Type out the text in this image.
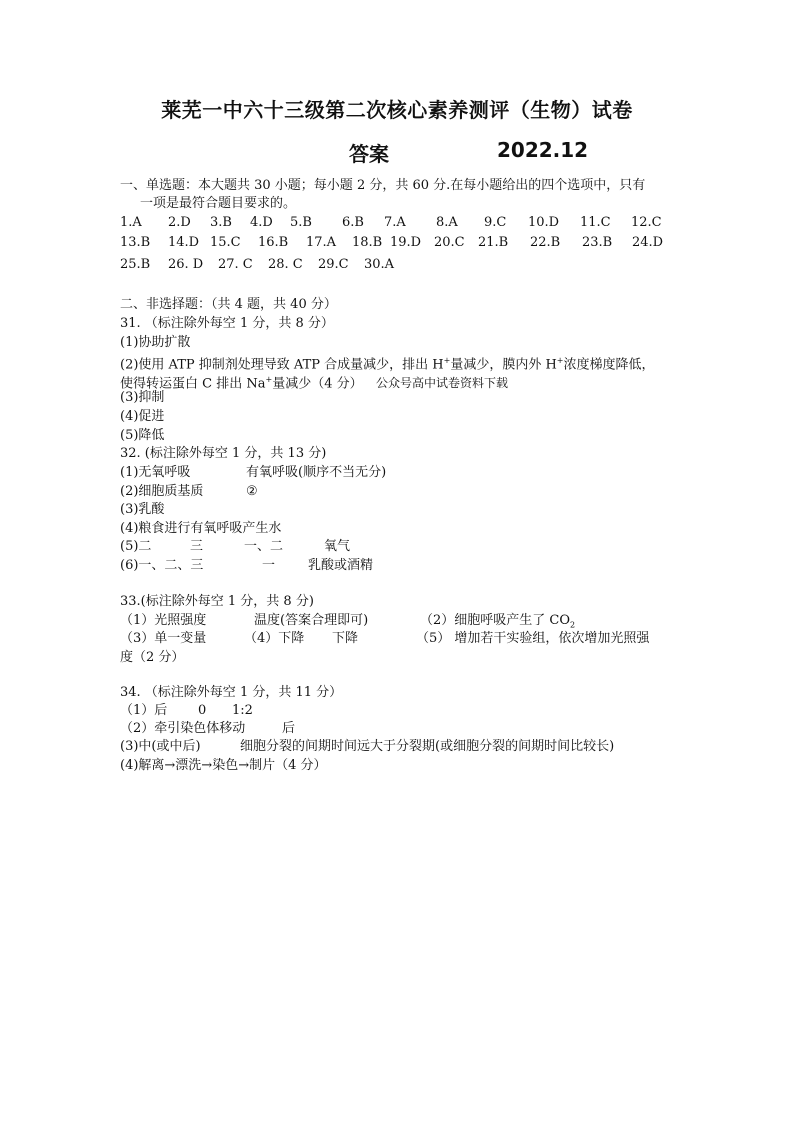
莱芜一中六十三级第二次核心素养测评（生物）试卷
答案	2022.12
一、单选题：本大题共 30 小题；每小题 2 分，共 60 分.在每小题给出的四个选项中，只有
一项是最符合题目要求的。
1.A 2.D 3.B 4.D 5.B 6.B 7.A 8.A 9.C 10.D 11.C 12.C
13.B 14.D 15.C 16.B 17.A 18.B 19.D 20.C 21.B 22.B 23.B 24.D
25.B 26. D 27. C 28. C 29.C 30.A
二、非选择题：（共 4 题，共 40 分）
31. （标注除外每空 1 分，共 8 分）
(1)协助扩散
(2)使用 ATP 抑制剂处理导致 ATP 合成量减少，排出 H+量减少，膜内外 H+浓度梯度降低，
使得转运蛋白 C 排出 Na+量减少（4 分） 公众号高中试卷资料下载
(3)抑制
(4)促进
(5)降低
32. (标注除外每空 1 分，共 13 分)
(1)无氧呼吸	有氧呼吸(顺序不当无分)
(2)细胞质基质	②
(3)乳酸
(4)粮食进行有氧呼吸产生水
(5)二	三	一、二	氧气
(6)一、二、三	一	乳酸或酒精
33.(标注除外每空 1 分，共 8 分)
（1）光照强度	温度(答案合理即可)	（2）细胞呼吸产生了 $CO_2$
（3）单一变量	（4）下降 下降	（5） 增加若干实验组，依次增加光照强
度（2 分）
34. （标注除外每空 1 分，共 11 分）
（1）后 0 1:2
（2）牵引染色体移动	后
(3)中(或中后)	细胞分裂的间期时间远大于分裂期(或细胞分裂的间期时间比较长)
(4)解离→漂洗→染色→制片（4 分）
